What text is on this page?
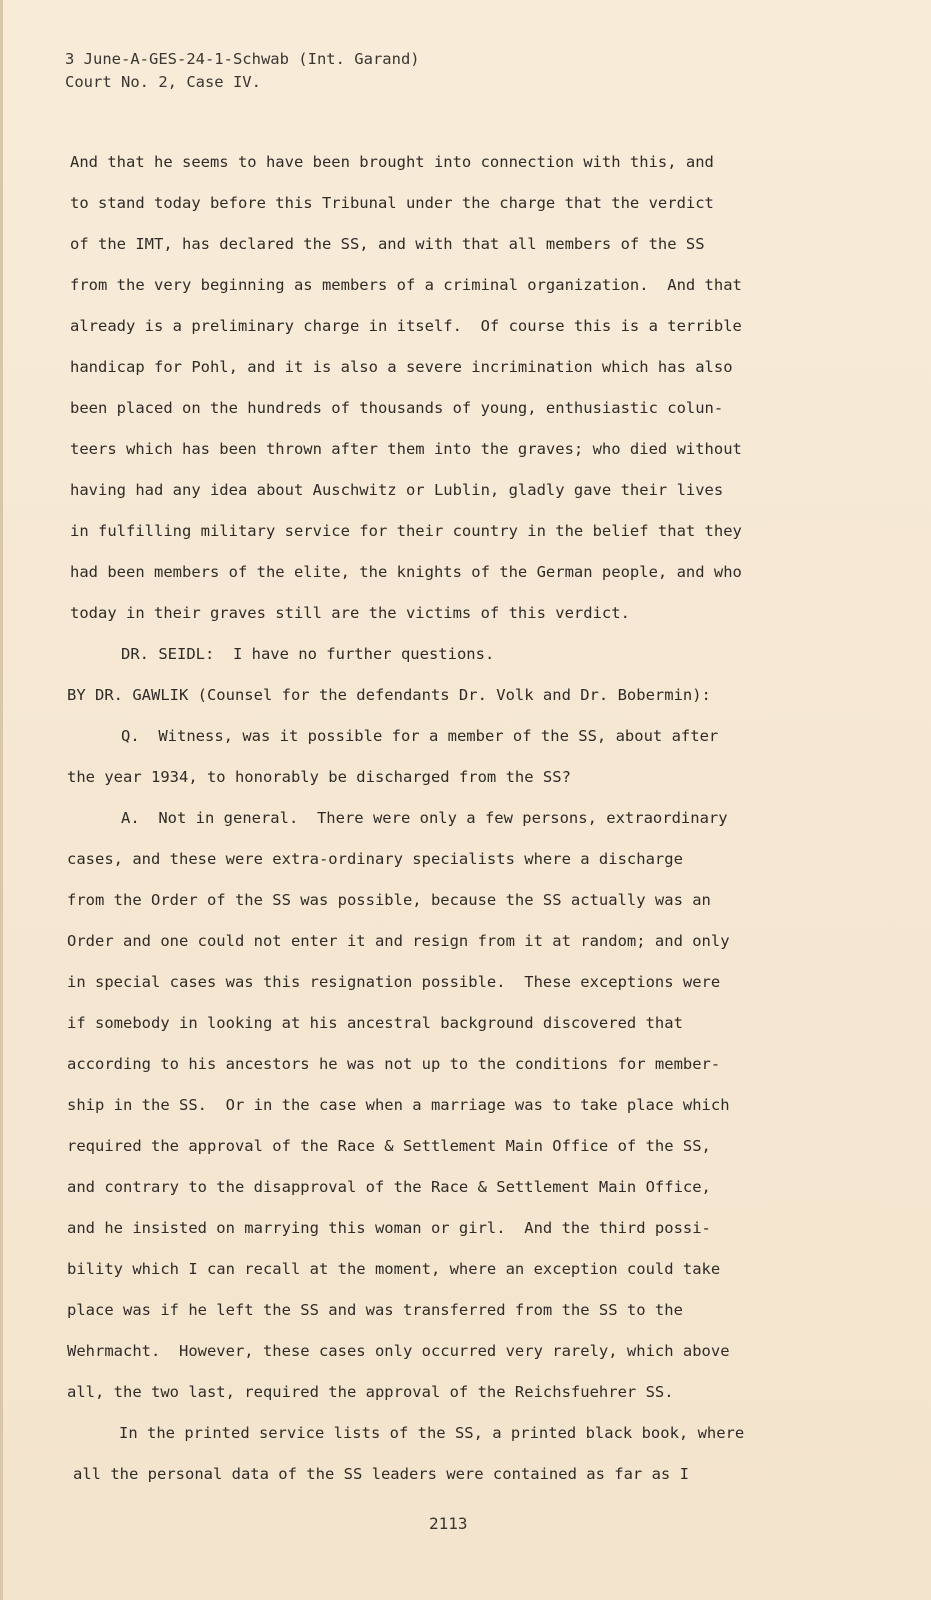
3 June-A-GES-24-1-Schwab (Int. Garand)
Court No. 2, Case IV.
And that he seems to have been brought into connection with this, and
to stand today before this Tribunal under the charge that the verdict
of the IMT, has declared the SS, and with that all members of the SS
from the very beginning as members of a criminal organization.  And that
already is a preliminary charge in itself.  Of course this is a terrible
handicap for Pohl, and it is also a severe incrimination which has also
been placed on the hundreds of thousands of young, enthusiastic colun-
teers which has been thrown after them into the graves; who died without
having had any idea about Auschwitz or Lublin, gladly gave their lives
in fulfilling military service for their country in the belief that they
had been members of the elite, the knights of the German people, and who
today in their graves still are the victims of this verdict.
DR. SEIDL:  I have no further questions.
BY DR. GAWLIK (Counsel for the defendants Dr. Volk and Dr. Bobermin):
Q.  Witness, was it possible for a member of the SS, about after
the year 1934, to honorably be discharged from the SS?
A.  Not in general.  There were only a few persons, extraordinary
cases, and these were extra-ordinary specialists where a discharge
from the Order of the SS was possible, because the SS actually was an
Order and one could not enter it and resign from it at random; and only
in special cases was this resignation possible.  These exceptions were
if somebody in looking at his ancestral background discovered that
according to his ancestors he was not up to the conditions for member-
ship in the SS.  Or in the case when a marriage was to take place which
required the approval of the Race & Settlement Main Office of the SS,
and contrary to the disapproval of the Race & Settlement Main Office,
and he insisted on marrying this woman or girl.  And the third possi-
bility which I can recall at the moment, where an exception could take
place was if he left the SS and was transferred from the SS to the
Wehrmacht.  However, these cases only occurred very rarely, which above
all, the two last, required the approval of the Reichsfuehrer SS.
In the printed service lists of the SS, a printed black book, where
all the personal data of the SS leaders were contained as far as I
2113
